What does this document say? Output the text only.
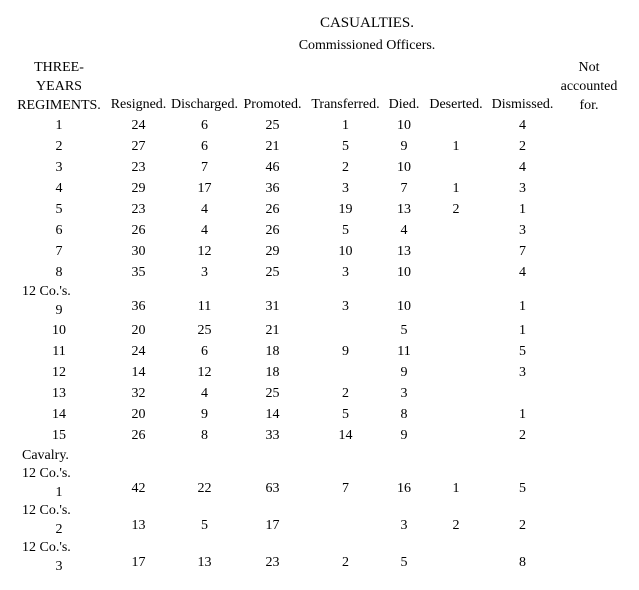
CASUALTIES.
Commissioned Officers.
THREE-
YEARS
REGIMENTS.	Resigned.	Discharged.	Promoted.	Transferred.	Died.	Deserted.	Dismissed.	Not
accounted
for.

1	24	6	25	1	10		4	

2	27	6	21	5	9	1	2	

3	23	7	46	2	10		4	

4	29	17	36	3	7	1	3	

5	23	4	26	19	13	2	1	

6	26	4	26	5	4		3	

7	30	12	29	10	13		7	

8	35	3	25	3	10		4	

12 Co.'s.
9	36	11	31	3	10		1	

10	20	25	21		5		1	

11	24	6	18	9	11		5	

12	14	12	18		9		3	

13	32	4	25	2	3			

14	20	9	14	5	8		1	

15	26	8	33	14	9		2	
Cavalry.								

12 Co.'s.
1	42	22	63	7	16	1	5	

12 Co.'s.
2	13	5	17		3	2	2	

12 Co.'s.
3	17	13	23	2	5		8	
